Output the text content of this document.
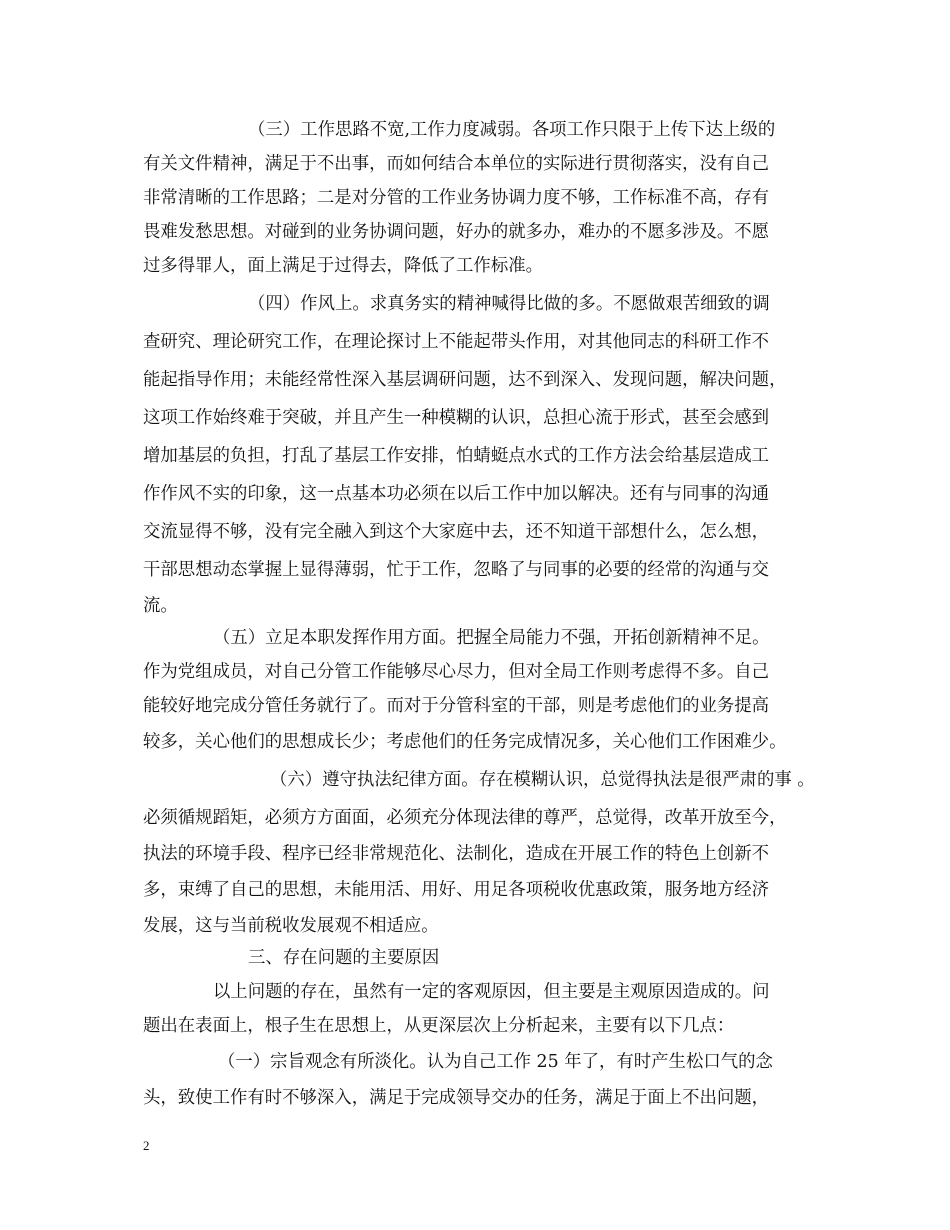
（三）工作思路不宽,工作力度减弱。各项工作只限于上传下达上级的
有关文件精神，满足于不出事，而如何结合本单位的实际进行贯彻落实，没有自己
非常清晰的工作思路；二是对分管的工作业务协调力度不够，工作标准不高，存有
畏难发愁思想。对碰到的业务协调问题，好办的就多办，难办的不愿多涉及。不愿
过多得罪人，面上满足于过得去，降低了工作标准。
（四）作风上。求真务实的精神喊得比做的多。不愿做艰苦细致的调
查研究、理论研究工作，在理论探讨上不能起带头作用，对其他同志的科研工作不
能起指导作用；未能经常性深入基层调研问题，达不到深入、发现问题，解决问题，
这项工作始终难于突破，并且产生一种模糊的认识，总担心流于形式，甚至会感到
增加基层的负担，打乱了基层工作安排，怕蜻蜓点水式的工作方法会给基层造成工
作作风不实的印象，这一点基本功必须在以后工作中加以解决。还有与同事的沟通
交流显得不够，没有完全融入到这个大家庭中去，还不知道干部想什么，怎么想，
干部思想动态掌握上显得薄弱，忙于工作，忽略了与同事的必要的经常的沟通与交
流。
（五）立足本职发挥作用方面。把握全局能力不强，开拓创新精神不足。
作为党组成员，对自己分管工作能够尽心尽力，但对全局工作则考虑得不多。自己
能较好地完成分管任务就行了。而对于分管科室的干部，则是考虑他们的业务提高
较多，关心他们的思想成长少；考虑他们的任务完成情况多，关心他们工作困难少。
（六）遵守执法纪律方面。存在模糊认识，总觉得执法是很严肃的事 。
必须循规蹈矩，必须方方面面，必须充分体现法律的尊严，总觉得，改革开放至今，
执法的环境手段、程序已经非常规范化、法制化，造成在开展工作的特色上创新不
多，束缚了自己的思想，未能用活、用好、用足各项税收优惠政策，服务地方经济
发展，这与当前税收发展观不相适应。
三、存在问题的主要原因
以上问题的存在，虽然有一定的客观原因，但主要是主观原因造成的。问
题出在表面上，根子生在思想上，从更深层次上分析起来，主要有以下几点：
（一）宗旨观念有所淡化。认为自己工作 25 年了，有时产生松口气的念
头，致使工作有时不够深入，满足于完成领导交办的任务，满足于面上不出问题，
2
